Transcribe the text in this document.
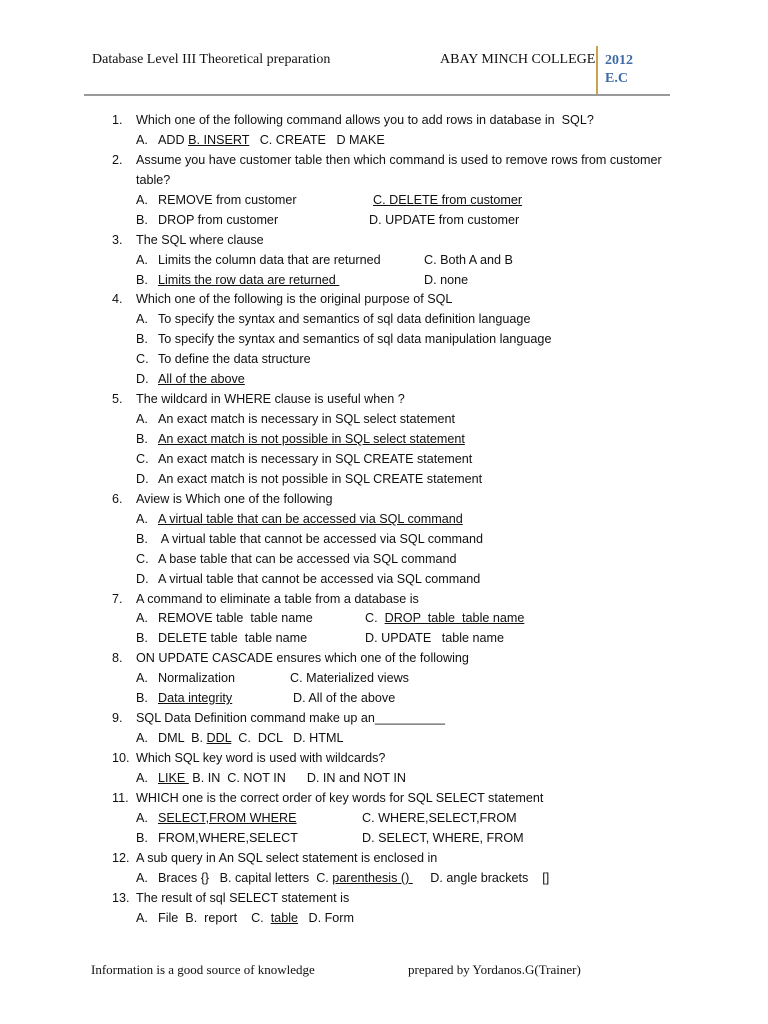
Database Level III Theoretical preparation	ABAY MINCH COLLEGE 2012
E.C
1. Which one of the following command allows you to add rows in database in  SQL?
A. ADD B. INSERT   C. CREATE   D MAKE
2. Assume you have customer table then which command is used to remove rows from customer
table?
A. REMOVE from customer	C. DELETE from customer
B. DROP from customer	D. UPDATE from customer
3. The SQL where clause
A. Limits the column data that are returned	C. Both A and B
B. Limits the row data are returned	D. none
4. Which one of the following is the original purpose of SQL
A. To specify the syntax and semantics of sql data definition language
B. To specify the syntax and semantics of sql data manipulation language
C. To define the data structure
D. All of the above
5. The wildcard in WHERE clause is useful when ?
A. An exact match is necessary in SQL select statement
B. An exact match is not possible in SQL select statement
C. An exact match is necessary in SQL CREATE statement
D. An exact match is not possible in SQL CREATE statement
6. Aview is Which one of the following
A. A virtual table that can be accessed via SQL command
B. A virtual table that cannot be accessed via SQL command
C. A base table that can be accessed via SQL command
D. A virtual table that cannot be accessed via SQL command
7. A command to eliminate a table from a database is
A. REMOVE table  table name	C.  DROP  table  table name
B. DELETE table  table name	D. UPDATE   table name
8. ON UPDATE CASCADE ensures which one of the following
A. Normalization	C. Materialized views
B. Data integrity	D. All of the above
9. SQL Data Definition command make up an__________
A. DML  B. DDL  C.  DCL   D. HTML
10. Which SQL key word is used with wildcards?
A. LIKE  B. IN  C. NOT IN      D. IN and NOT IN
11. WHICH one is the correct order of key words for SQL SELECT statement
A. SELECT,FROM WHERE	C. WHERE,SELECT,FROM
B. FROM,WHERE,SELECT	D. SELECT, WHERE, FROM
12. A sub query in An SQL select statement is enclosed in
A. Braces {}   B. capital letters  C. parenthesis ()      D. angle brackets    []
13. The result of sql SELECT statement is
A. File  B.  report    C.  table   D. Form
Information is a good source of knowledge	prepared by Yordanos.G(Trainer)
